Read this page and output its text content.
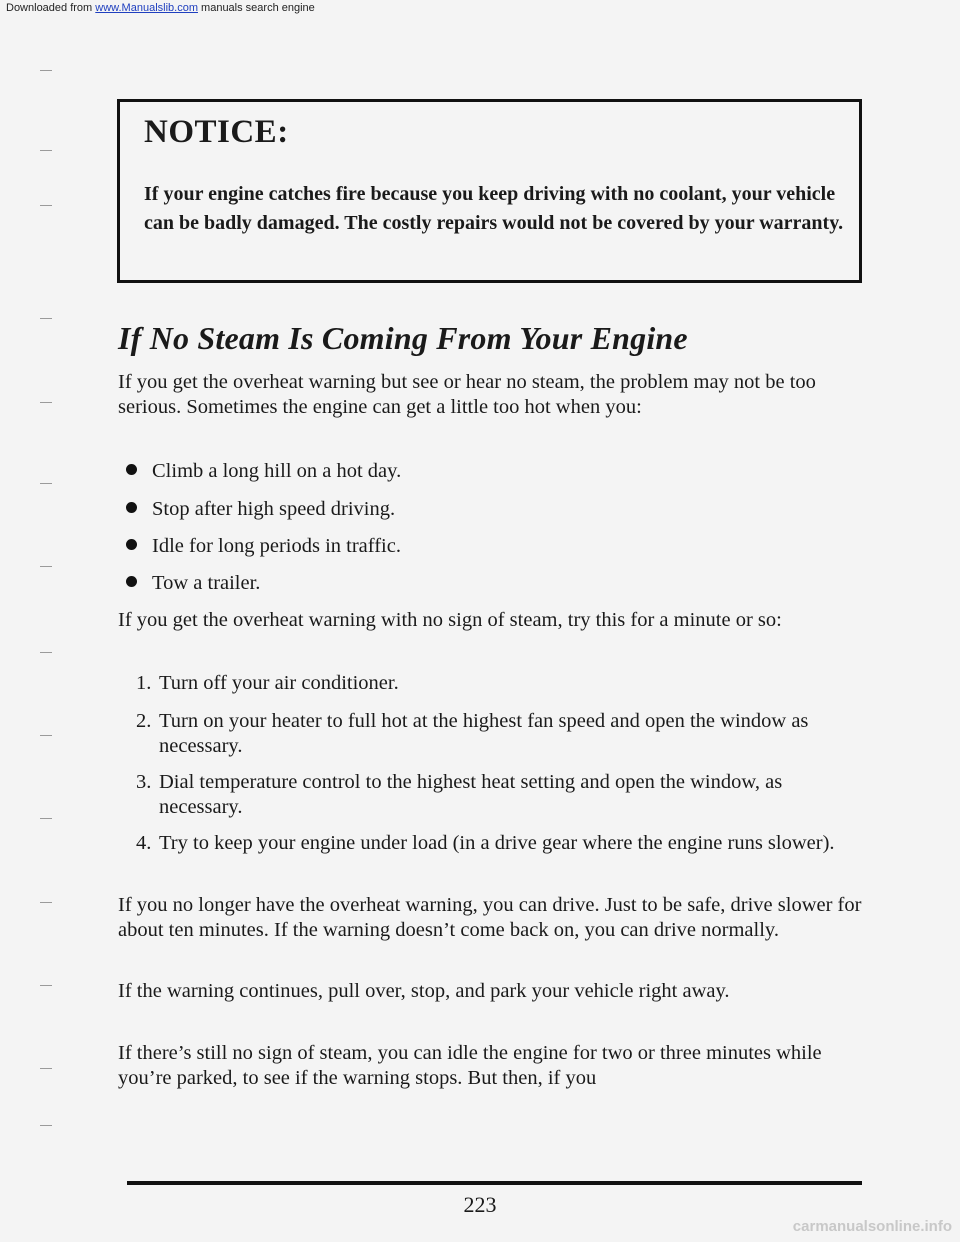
Downloaded from www.Manualslib.com manuals search engine
NOTICE:
If your engine catches fire because you keep driving with no coolant, your vehicle can be badly damaged. The costly repairs would not be covered by your warranty.
If No Steam Is Coming From Your Engine
If you get the overheat warning but see or hear no steam, the problem may not be too serious. Sometimes the engine can get a little too hot when you:
Climb a long hill on a hot day.
Stop after high speed driving.
Idle for long periods in traffic.
Tow a trailer.
If you get the overheat warning with no sign of steam, try this for a minute or so:
1. Turn off your air conditioner.
2. Turn on your heater to full hot at the highest fan speed and open the window as necessary.
3. Dial temperature control to the highest heat setting and open the window, as necessary.
4. Try to keep your engine under load (in a drive gear where the engine runs slower).
If you no longer have the overheat warning, you can drive. Just to be safe, drive slower for about ten minutes. If the warning doesn’t come back on, you can drive normally.
If the warning continues, pull over, stop, and park your vehicle right away.
If there’s still no sign of steam, you can idle the engine for two or three minutes while you’re parked, to see if the warning stops. But then, if you
223
carmanualsonline.info
